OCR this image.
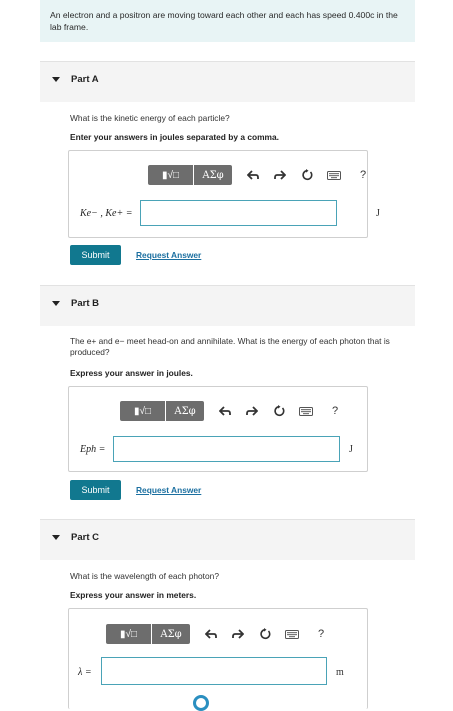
An electron and a positron are moving toward each other and each has speed 0.400c in the lab frame.
Part A
What is the kinetic energy of each particle?
Enter your answers in joules separated by a comma.
▮√□	ΑΣφ	?
Ke− , Ke+ =	J
Submit	Request Answer
Part B
The e+ and e− meet head-on and annihilate. What is the energy of each photon that is produced?
Express your answer in joules.
▮√□	ΑΣφ	?
Eph =	J
Submit	Request Answer
Part C
What is the wavelength of each photon?
Express your answer in meters.
▮√□	ΑΣφ	?
λ =	m
